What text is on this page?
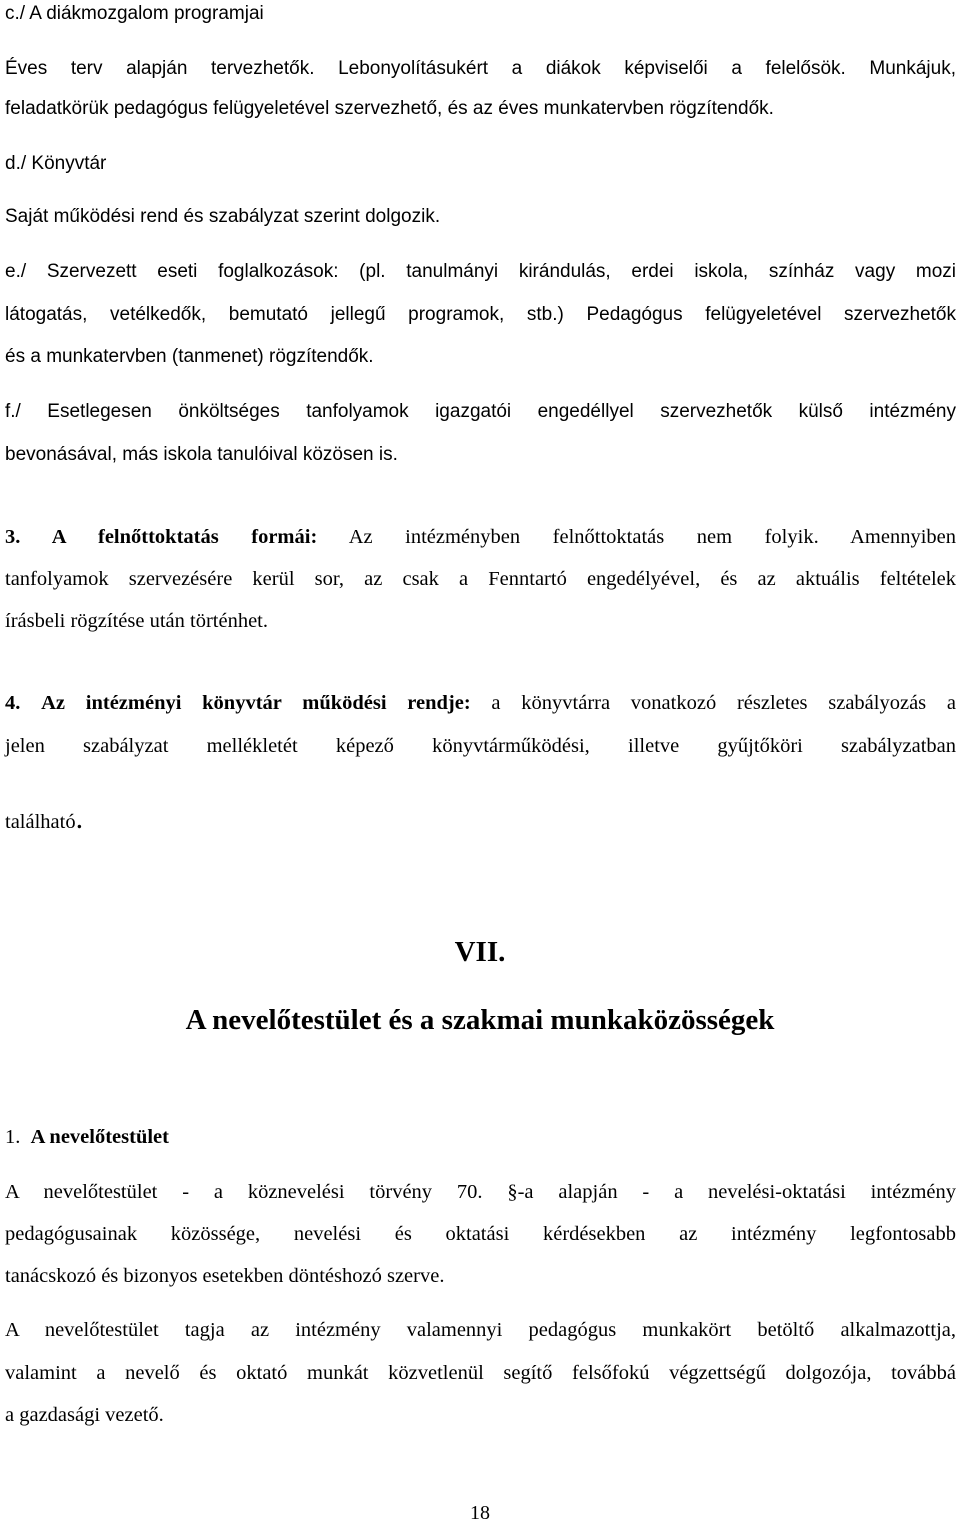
c./ A diákmozgalom programjai
Éves terv alapján tervezhetők. Lebonyolításukért a diákok képviselői a felelősök. Munkájuk,
feladatkörük pedagógus felügyeletével szervezhető, és az éves munkatervben rögzítendők.
d./ Könyvtár
Saját működési rend és szabályzat szerint dolgozik.
e./ Szervezett eseti foglalkozások: (pl. tanulmányi kirándulás, erdei iskola, színház vagy mozi
látogatás, vetélkedők, bemutató jellegű programok, stb.) Pedagógus felügyeletével szervezhetők
és a munkatervben (tanmenet) rögzítendők.
f./ Esetlegesen önköltséges tanfolyamok igazgatói engedéllyel szervezhetők külső intézmény
bevonásával, más iskola tanulóival közösen is.
3. A felnőttoktatás formái: Az intézményben felnőttoktatás nem folyik. Amennyiben
tanfolyamok szervezésére kerül sor, az csak a Fenntartó engedélyével, és az aktuális feltételek
írásbeli rögzítése után történhet.
4. Az intézményi könyvtár működési rendje: a könyvtárra vonatkozó részletes szabályozás a
jelen szabályzat mellékletét képező könyvtárműködési, illetve gyűjtőköri szabályzatban
található.
VII.
A nevelőtestület és a szakmai munkaközösségek
1. A nevelőtestület
A nevelőtestület - a köznevelési törvény 70. §-a alapján - a nevelési-oktatási intézmény
pedagógusainak közössége, nevelési és oktatási kérdésekben az intézmény legfontosabb
tanácskozó és bizonyos esetekben döntéshozó szerve.
A nevelőtestület tagja az intézmény valamennyi pedagógus munkakört betöltő alkalmazottja,
valamint a nevelő és oktató munkát közvetlenül segítő felsőfokú végzettségű dolgozója, továbbá
a gazdasági vezető.
18
